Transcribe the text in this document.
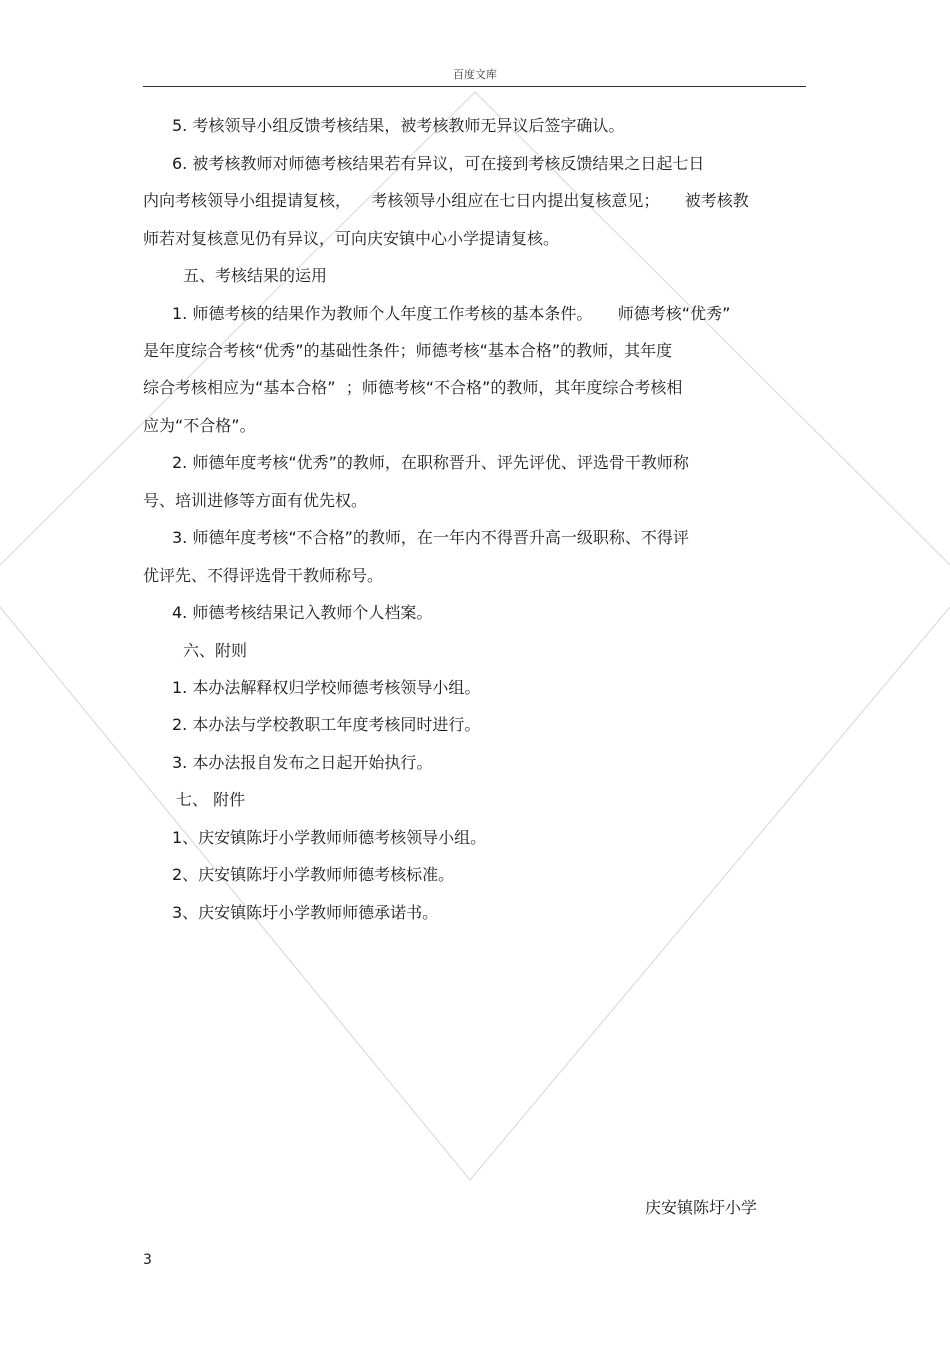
百度文库
5. 考核领导小组反馈考核结果，被考核教师无异议后签字确认。
6. 被考核教师对师德考核结果若有异议，可在接到考核反馈结果之日起七日
内向考核领导小组提请复核，    考核领导小组应在七日内提出复核意见；     被考核教
师若对复核意见仍有异议，可向庆安镇中心小学提请复核。
五、考核结果的运用
1. 师德考核的结果作为教师个人年度工作考核的基本条件。     师德考核“优秀”
是年度综合考核“优秀”的基础性条件；师德考核“基本合格”的教师，其年度
综合考核相应为“基本合格”  ；师德考核“不合格”的教师，其年度综合考核相
应为“不合格”。
2. 师德年度考核“优秀”的教师，在职称晋升、评先评优、评选骨干教师称
号、培训进修等方面有优先权。
3. 师德年度考核“不合格”的教师，在一年内不得晋升高一级职称、不得评
优评先、不得评选骨干教师称号。
4. 师德考核结果记入教师个人档案。
六、附则
1. 本办法解释权归学校师德考核领导小组。
2. 本办法与学校教职工年度考核同时进行。
3. 本办法报自发布之日起开始执行。
七、 附件
1、庆安镇陈圩小学教师师德考核领导小组。
2、庆安镇陈圩小学教师师德考核标准。
3、庆安镇陈圩小学教师师德承诺书。
庆安镇陈圩小学
3
